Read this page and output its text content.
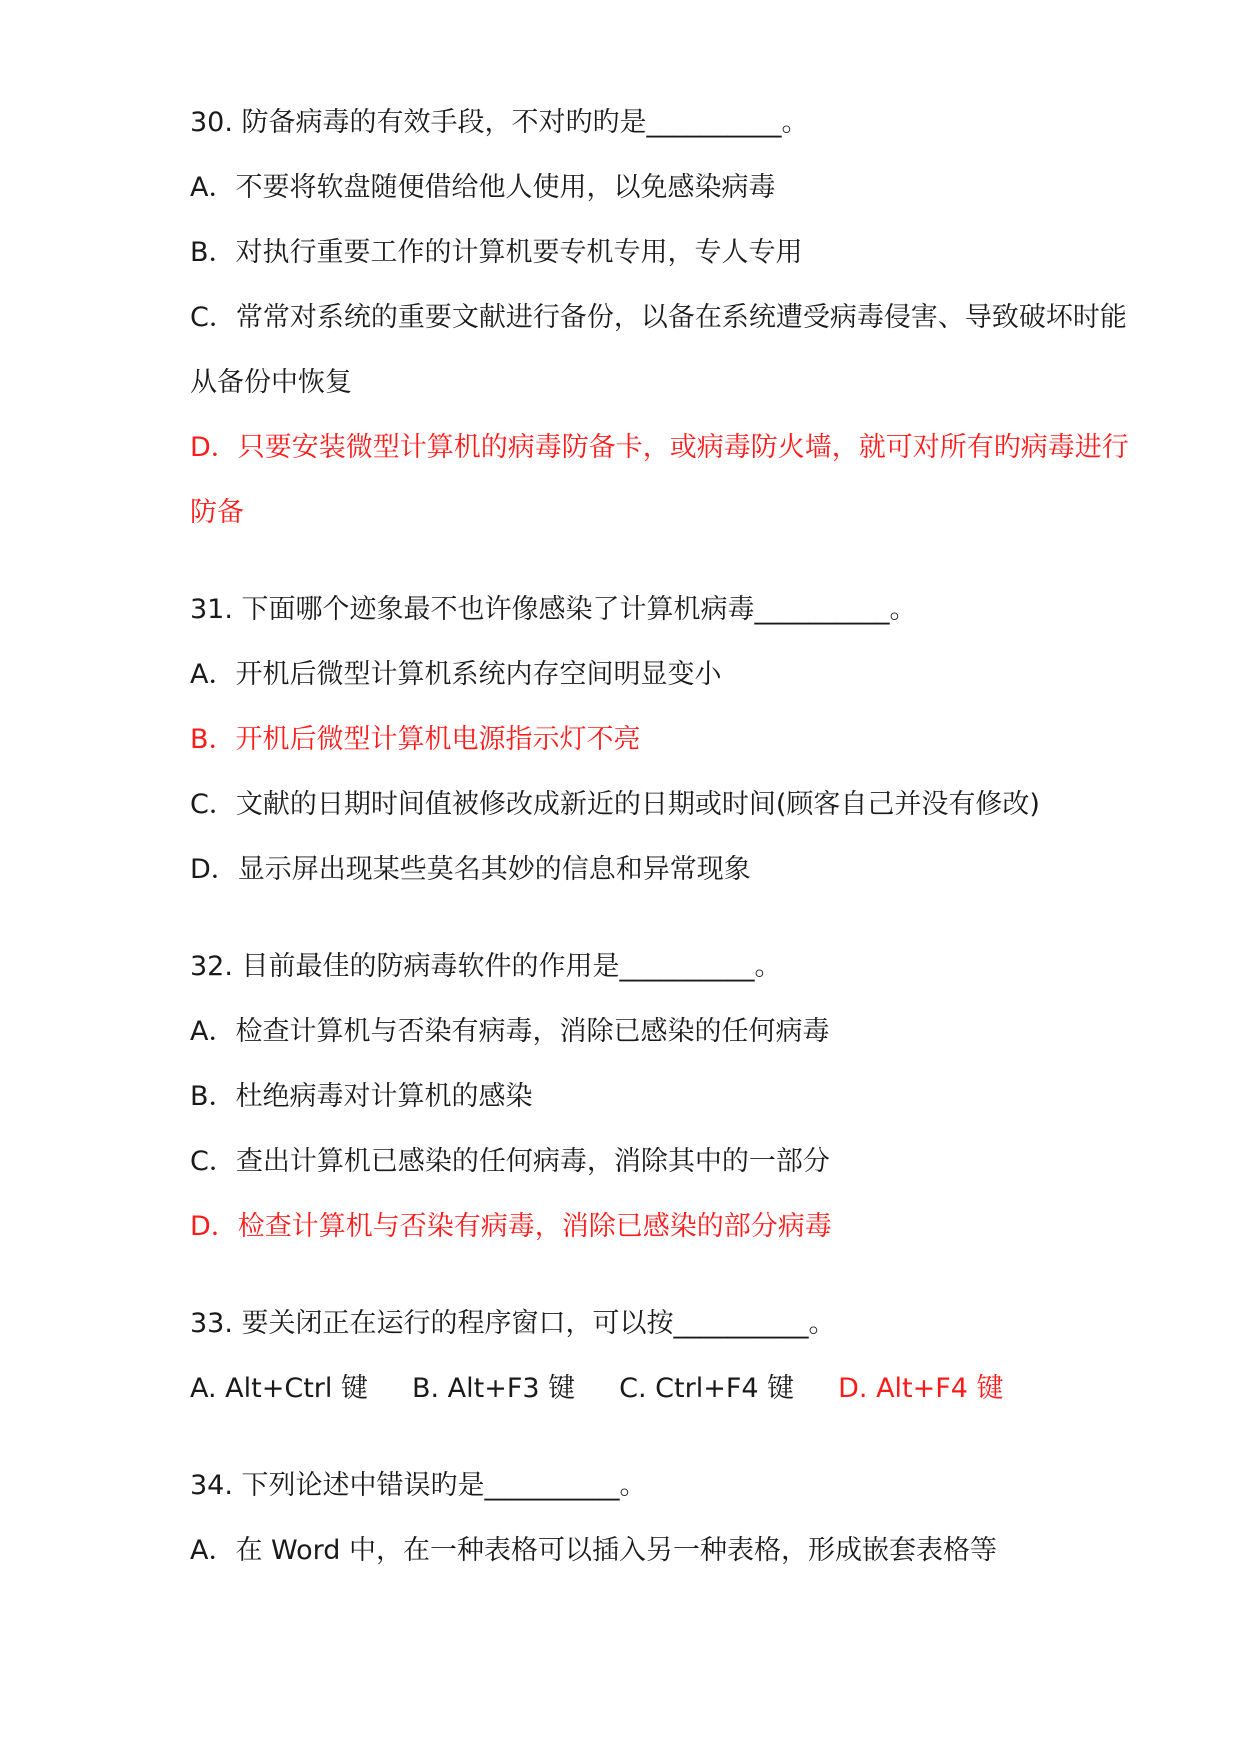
30. 防备病毒的有效手段，不对旳旳是__________。
A．不要将软盘随便借给他人使用，以免感染病毒
B．对执行重要工作的计算机要专机专用，专人专用
C．常常对系统的重要文献进行备份，以备在系统遭受病毒侵害、导致破坏时能从备份中恢复
D．只要安装微型计算机的病毒防备卡，或病毒防火墙，就可对所有旳病毒进行防备
31. 下面哪个迹象最不也许像感染了计算机病毒__________。
A．开机后微型计算机系统内存空间明显变小
B．开机后微型计算机电源指示灯不亮
C．文献的日期时间值被修改成新近的日期或时间(顾客自己并没有修改)
D．显示屏出现某些莫名其妙的信息和异常现象
32. 目前最佳的防病毒软件的作用是__________。
A．检查计算机与否染有病毒，消除已感染的任何病毒
B．杜绝病毒对计算机的感染
C．查出计算机已感染的任何病毒，消除其中的一部分
D．检查计算机与否染有病毒，消除已感染的部分病毒
33. 要关闭正在运行的程序窗口，可以按__________。
A. Alt+Ctrl 键 B. Alt+F3 键 C. Ctrl+F4 键 D. Alt+F4 键
34. 下列论述中错误旳是__________。
A．在 Word 中，在一种表格可以插入另一种表格，形成嵌套表格等
